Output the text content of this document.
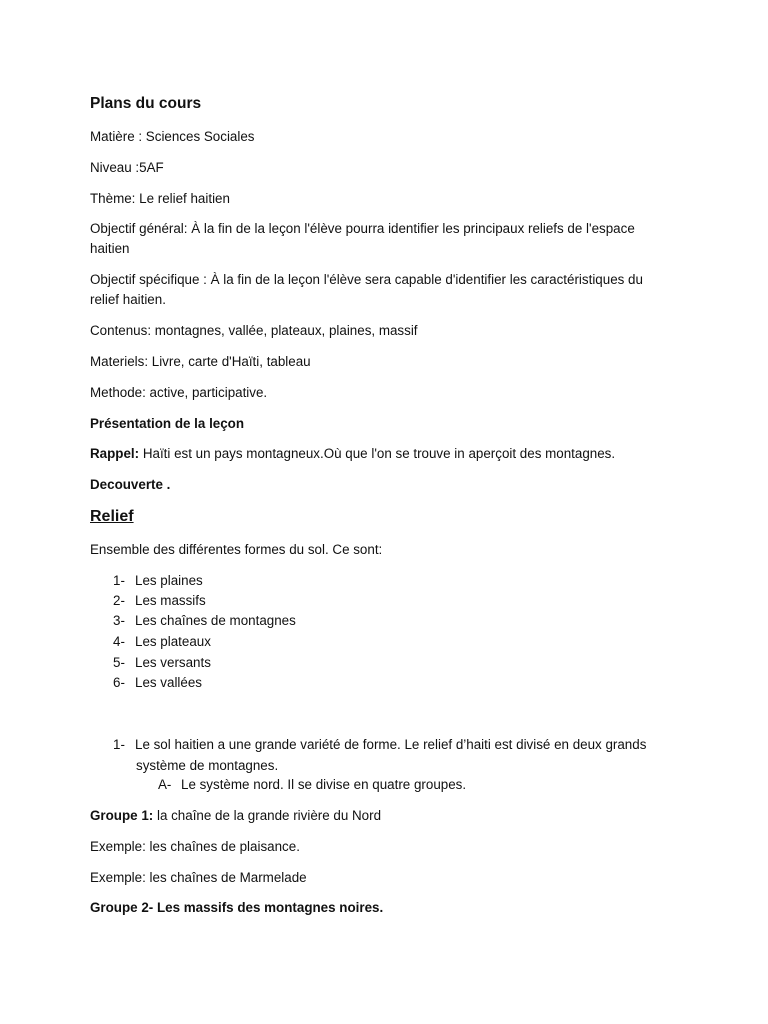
Plans du cours
Matière : Sciences Sociales
Niveau :5AF
Thème: Le relief haitien
Objectif général: À la fin de la leçon l'élève pourra identifier les principaux reliefs de l'espace haitien
Objectif spécifique : À la fin de la leçon l'élève sera capable d'identifier les caractéristiques du relief haitien.
Contenus: montagnes, vallée, plateaux, plaines, massif
Materiels: Livre, carte d'Haïti, tableau
Methode: active, participative.
Présentation de la leçon
Rappel: Haïti est un pays montagneux.Où que l'on se trouve in aperçoit des montagnes.
Decouverte .
Relief
Ensemble des différentes formes du sol. Ce sont:
1- Les plaines
2- Les massifs
3- Les chaînes de montagnes
4- Les plateaux
5- Les versants
6- Les vallées
1- Le sol haitien a une grande variété de forme. Le relief d’haiti est divisé en deux grands
système de montagnes.
A- Le système nord. Il se divise en quatre groupes.
Groupe 1: la chaîne de la grande rivière du Nord
Exemple: les chaînes de plaisance.
Exemple: les chaînes de Marmelade
Groupe 2- Les massifs des montagnes noires.
